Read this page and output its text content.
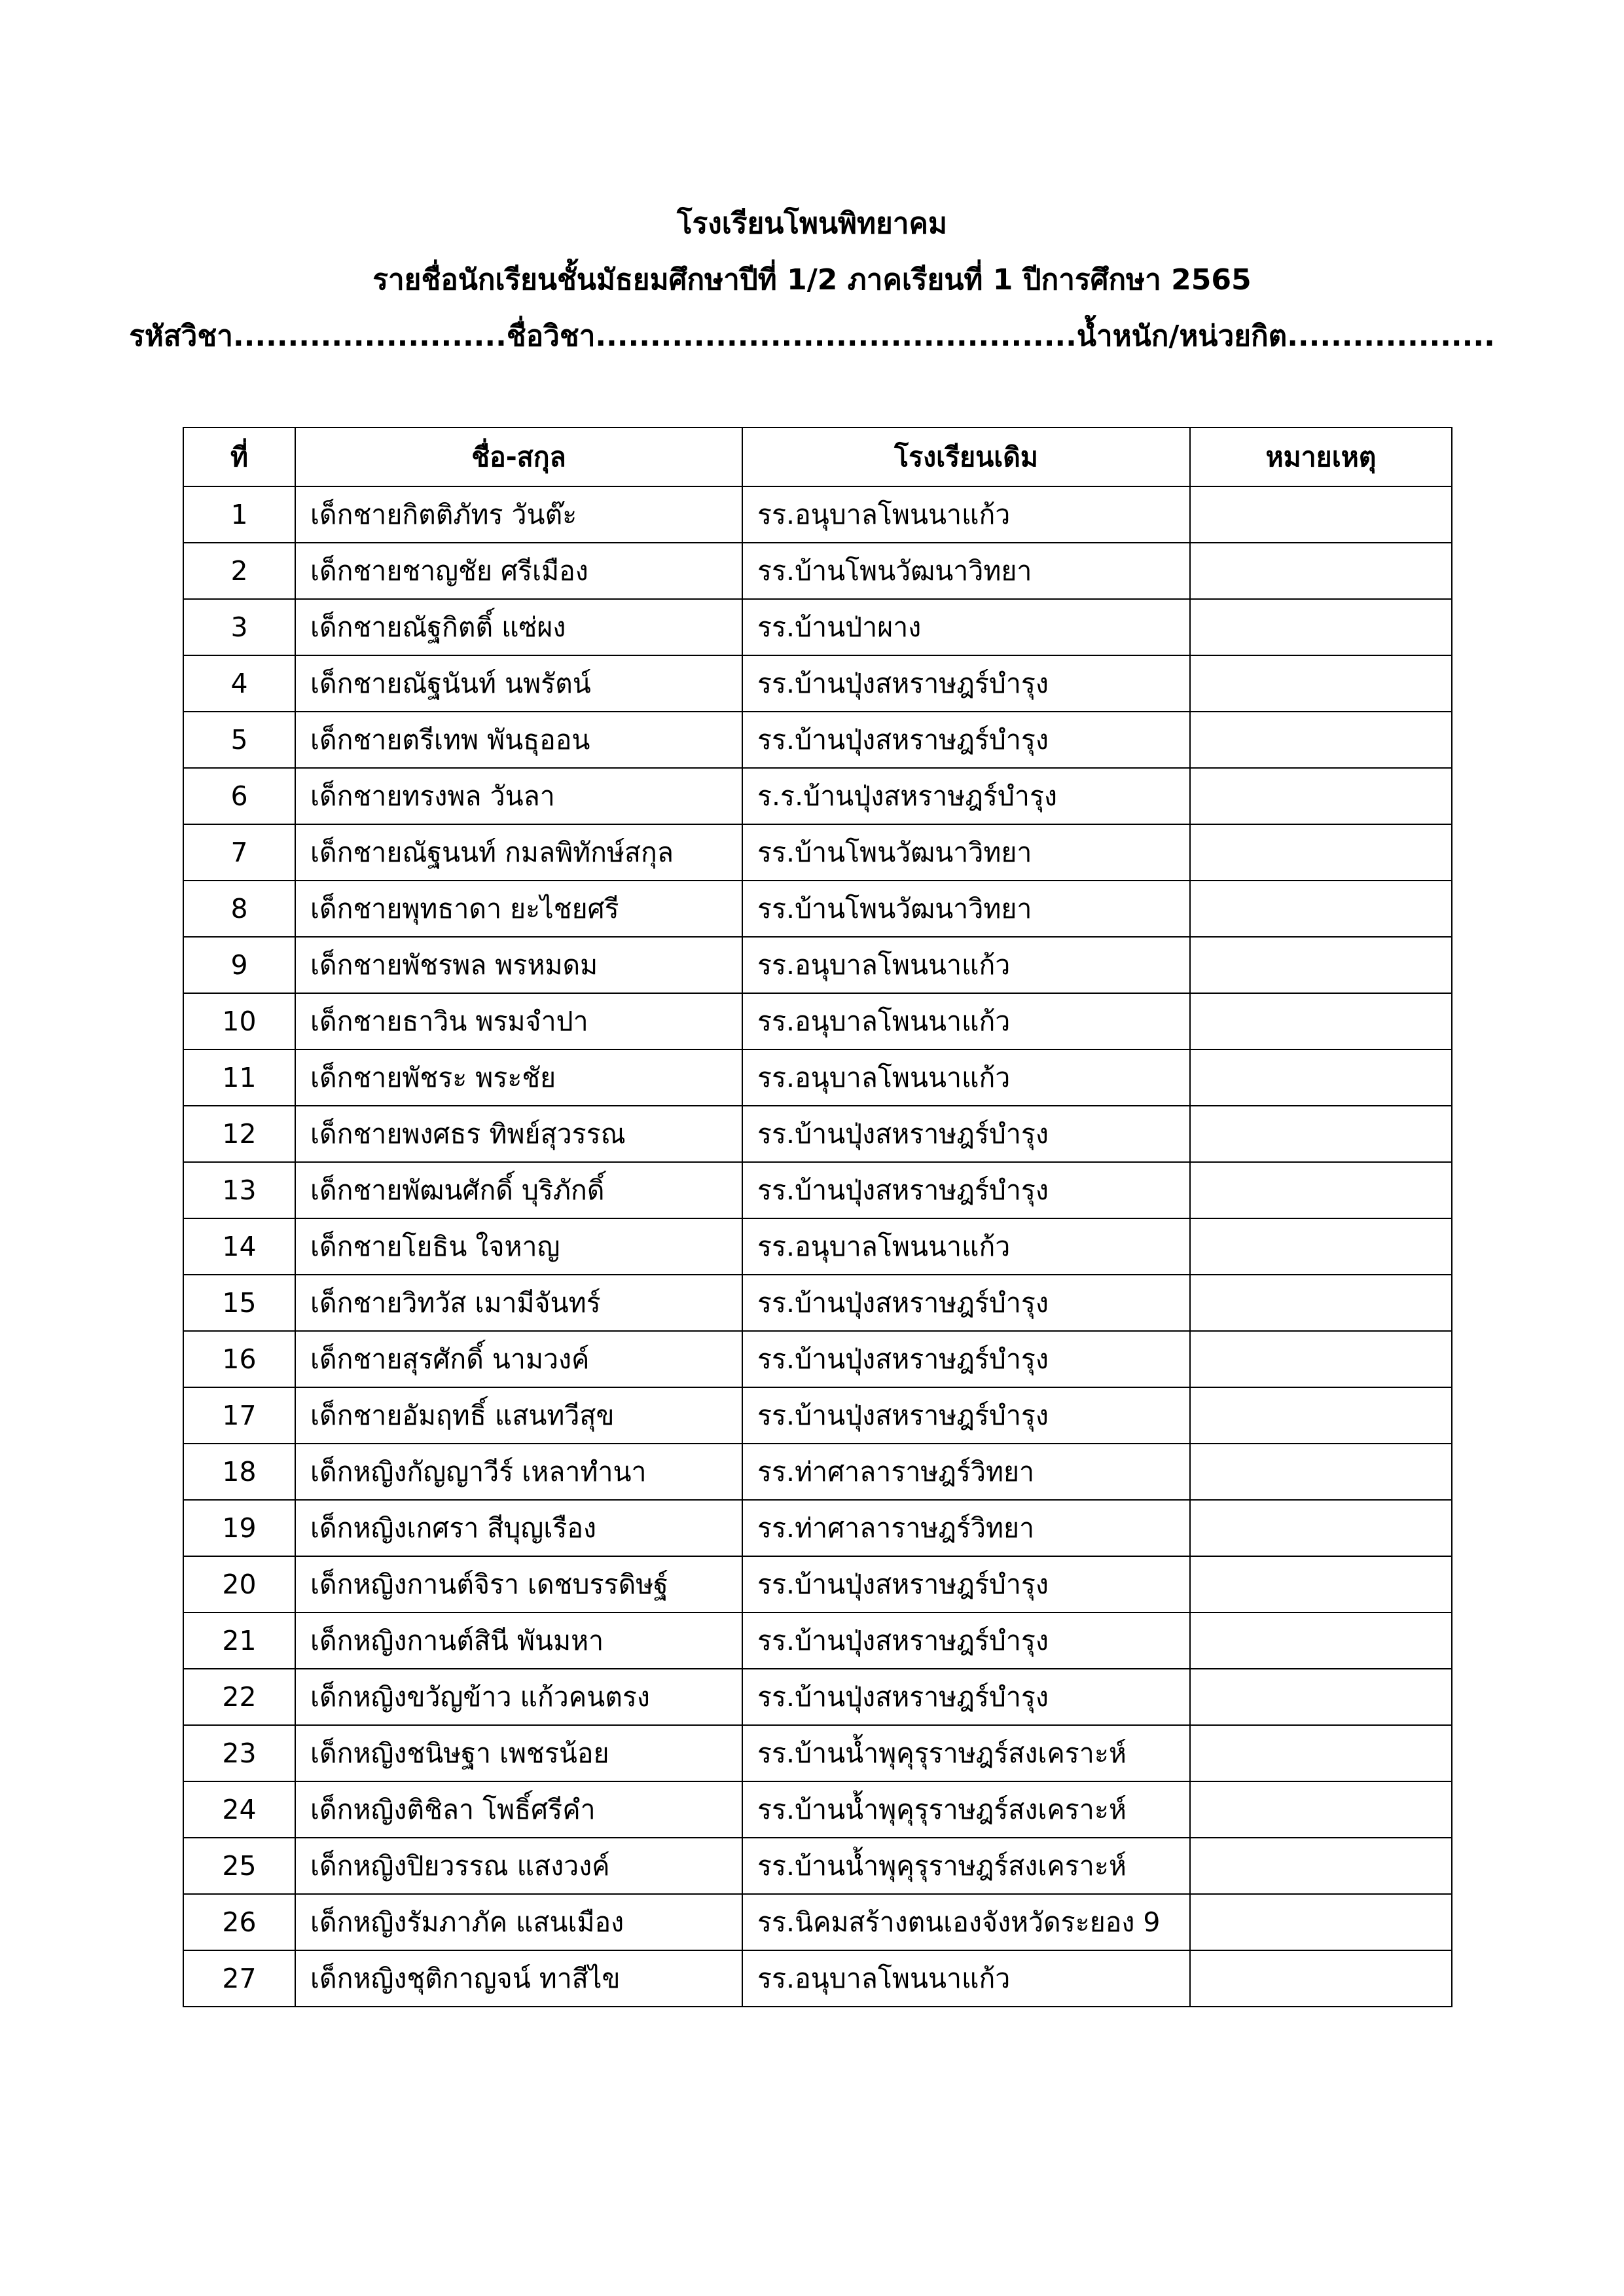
โรงเรียนโพนพิทยาคม
รายชื่อนักเรียนชั้นมัธยมศึกษาปีที่ 1/2 ภาคเรียนที่ 1 ปีการศึกษา 2565
รหัสวิชา.........................ชื่อวิชา............................................น้ำหนัก/หน่วยกิต...................
ที่	ชื่อ-สกุล	โรงเรียนเดิม	หมายเหตุ
1	เด็กชายกิตติภัทร วันต๊ะ	รร.อนุบาลโพนนาแก้ว	
2	เด็กชายชาญชัย ศรีเมือง	รร.บ้านโพนวัฒนาวิทยา	
3	เด็กชายณัฐกิตติ์ แซ่ผง	รร.บ้านป่าผาง	
4	เด็กชายณัฐนันท์ นพรัตน์	รร.บ้านปุ่งสหราษฎร์บำรุง	
5	เด็กชายตรีเทพ พันธุออน	รร.บ้านปุ่งสหราษฎร์บำรุง	
6	เด็กชายทรงพล วันลา	ร.ร.บ้านปุ่งสหราษฎร์บำรุง	
7	เด็กชายณัฐนนท์ กมลพิทักษ์สกุล	รร.บ้านโพนวัฒนาวิทยา	
8	เด็กชายพุทธาดา ยะไชยศรี	รร.บ้านโพนวัฒนาวิทยา	
9	เด็กชายพัชรพล พรหมดม	รร.อนุบาลโพนนาแก้ว	
10	เด็กชายธาวิน พรมจำปา	รร.อนุบาลโพนนาแก้ว	
11	เด็กชายพัชระ พระชัย	รร.อนุบาลโพนนาแก้ว	
12	เด็กชายพงศธร ทิพย์สุวรรณ	รร.บ้านปุ่งสหราษฎร์บำรุง	
13	เด็กชายพัฒนศักดิ์ บุริภักดิ์	รร.บ้านปุ่งสหราษฎร์บำรุง	
14	เด็กชายโยธิน ใจหาญ	รร.อนุบาลโพนนาแก้ว	
15	เด็กชายวิทวัส เมามีจันทร์	รร.บ้านปุ่งสหราษฎร์บำรุง	
16	เด็กชายสุรศักดิ์ นามวงค์	รร.บ้านปุ่งสหราษฎร์บำรุง	
17	เด็กชายอัมฤทธิ์ แสนทวีสุข	รร.บ้านปุ่งสหราษฎร์บำรุง	
18	เด็กหญิงกัญญาวีร์ เหลาทำนา	รร.ท่าศาลาราษฎร์วิทยา	
19	เด็กหญิงเกศรา สีบุญเรือง	รร.ท่าศาลาราษฎร์วิทยา	
20	เด็กหญิงกานต์จิรา เดชบรรดิษฐ์	รร.บ้านปุ่งสหราษฎร์บำรุง	
21	เด็กหญิงกานต์สินี พันมหา	รร.บ้านปุ่งสหราษฎร์บำรุง	
22	เด็กหญิงขวัญข้าว แก้วคนตรง	รร.บ้านปุ่งสหราษฎร์บำรุง	
23	เด็กหญิงชนิษฐา เพชรน้อย	รร.บ้านน้ำพุคุรุราษฎร์สงเคราะห์	
24	เด็กหญิงติชิลา โพธิ์ศรีคำ	รร.บ้านน้ำพุคุรุราษฎร์สงเคราะห์	
25	เด็กหญิงปิยวรรณ แสงวงค์	รร.บ้านน้ำพุคุรุราษฎร์สงเคราะห์	
26	เด็กหญิงรัมภาภัค แสนเมือง	รร.นิคมสร้างตนเองจังหวัดระยอง 9	
27	เด็กหญิงชุติกาญจน์ ทาสีไข	รร.อนุบาลโพนนาแก้ว	
